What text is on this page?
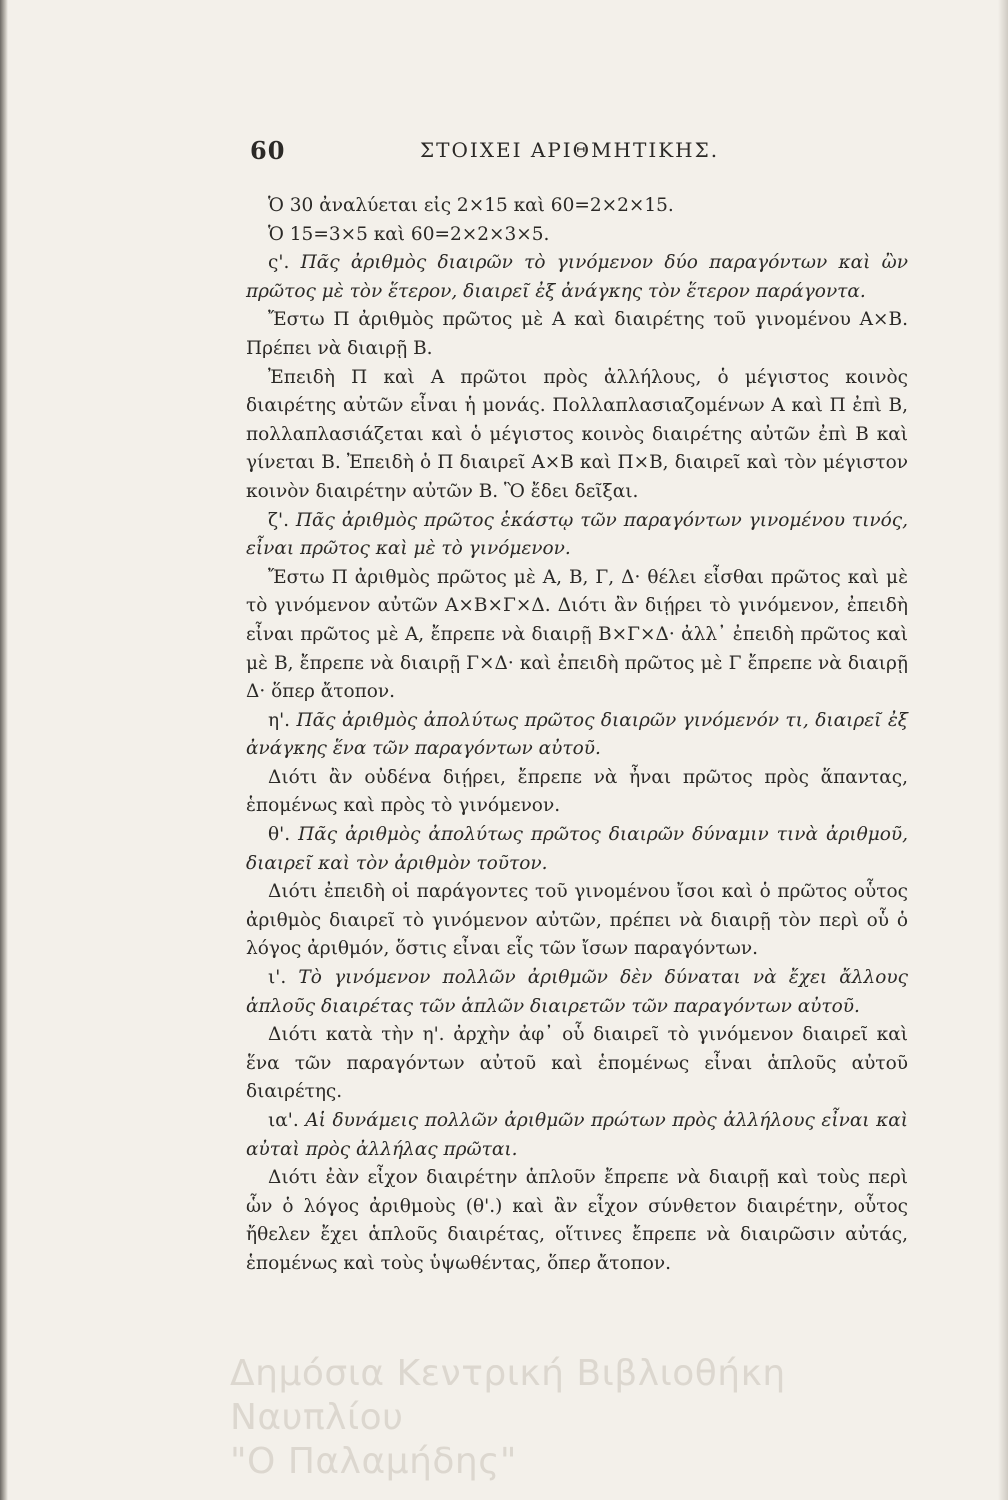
60	ΣΤΟΙΧΕΙ ΑΡΙΘΜΗΤΙΚΗΣ.

Ὁ 30 ἀναλύεται εἰς 2×15 καὶ 60=2×2×15.

Ὁ 15=3×5 καὶ 60=2×2×3×5.

ς'. Πᾶς ἀριθμὸς διαιρῶν τὸ γινόμενον δύο παραγόντων καὶ ὢν πρῶτος μὲ τὸν ἕτερον, διαιρεῖ ἐξ ἀνάγκης τὸν ἕτερον παράγοντα.

Ἔστω Π ἀριθμὸς πρῶτος μὲ Α καὶ διαιρέτης τοῦ γινομένου Α×Β. Πρέπει νὰ διαιρῇ Β.

Ἐπειδὴ Π καὶ Α πρῶτοι πρὸς ἀλλήλους, ὁ μέγιστος κοινὸς διαιρέτης αὐτῶν εἶναι ἡ μονάς. Πολλαπλασιαζομένων Α καὶ Π ἐπὶ Β, πολλαπλασιάζεται καὶ ὁ μέγιστος κοινὸς διαιρέτης αὐτῶν ἐπὶ Β καὶ γίνεται Β. Ἐπειδὴ ὁ Π διαιρεῖ Α×Β καὶ Π×Β, διαιρεῖ καὶ τὸν μέγιστον κοινὸν διαιρέτην αὐτῶν Β. Ὃ ἔδει δεῖξαι.

ζ'. Πᾶς ἀριθμὸς πρῶτος ἑκάστῳ τῶν παραγόντων γινομένου τινός, εἶναι πρῶτος καὶ μὲ τὸ γινόμενον.

Ἔστω Π ἀριθμὸς πρῶτος μὲ Α, Β, Γ, Δ· θέλει εἶσθαι πρῶτος καὶ μὲ τὸ γινόμενον αὐτῶν Α×Β×Γ×Δ. Διότι ἂν διῄρει τὸ γινόμενον, ἐπειδὴ εἶναι πρῶτος μὲ Α, ἔπρεπε νὰ διαιρῇ Β×Γ×Δ· ἀλλ᾽ ἐπειδὴ πρῶτος καὶ μὲ Β, ἔπρεπε νὰ διαιρῇ Γ×Δ· καὶ ἐπειδὴ πρῶτος μὲ Γ ἔπρεπε νὰ διαιρῇ Δ· ὅπερ ἄτοπον.

η'. Πᾶς ἀριθμὸς ἀπολύτως πρῶτος διαιρῶν γινόμενόν τι, διαιρεῖ ἐξ ἀνάγκης ἕνα τῶν παραγόντων αὐτοῦ.

Διότι ἂν οὐδένα διῄρει, ἔπρεπε νὰ ἦναι πρῶτος πρὸς ἅπαντας, ἑπομένως καὶ πρὸς τὸ γινόμενον.

θ'. Πᾶς ἀριθμὸς ἀπολύτως πρῶτος διαιρῶν δύναμιν τινὰ ἀριθμοῦ, διαιρεῖ καὶ τὸν ἀριθμὸν τοῦτον.

Διότι ἐπειδὴ οἱ παράγοντες τοῦ γινομένου ἴσοι καὶ ὁ πρῶτος οὗτος ἀριθμὸς διαιρεῖ τὸ γινόμενον αὐτῶν, πρέπει νὰ διαιρῇ τὸν περὶ οὗ ὁ λόγος ἀριθμόν, ὅστις εἶναι εἷς τῶν ἴσων παραγόντων.

ι'. Τὸ γινόμενον πολλῶν ἀριθμῶν δὲν δύναται νὰ ἔχει ἄλλους ἁπλοῦς διαιρέτας τῶν ἁπλῶν διαιρετῶν τῶν παραγόντων αὐτοῦ.

Διότι κατὰ τὴν η'. ἀρχὴν ἀφ᾽ οὗ διαιρεῖ τὸ γινόμενον διαιρεῖ καὶ ἕνα τῶν παραγόντων αὐτοῦ καὶ ἑπομένως εἶναι ἁπλοῦς αὐτοῦ διαιρέτης.

ια'. Αἱ δυνάμεις πολλῶν ἀριθμῶν πρώτων πρὸς ἀλλήλους εἶναι καὶ αὐταὶ πρὸς ἀλλήλας πρῶται.

Διότι ἐὰν εἶχον διαιρέτην ἁπλοῦν ἔπρεπε νὰ διαιρῇ καὶ τοὺς περὶ ὧν ὁ λόγος ἀριθμοὺς (θ'.) καὶ ἂν εἶχον σύνθετον διαιρέτην, οὗτος ἤθελεν ἔχει ἁπλοῦς διαιρέτας, οἵτινες ἔπρεπε νὰ διαιρῶσιν αὐτάς, ἑπομένως καὶ τοὺς ὑψωθέντας, ὅπερ ἄτοπον.

Δημόσια Κεντρική Βιβλιοθήκη Ναυπλίου
"Ο Παλαμήδης"
